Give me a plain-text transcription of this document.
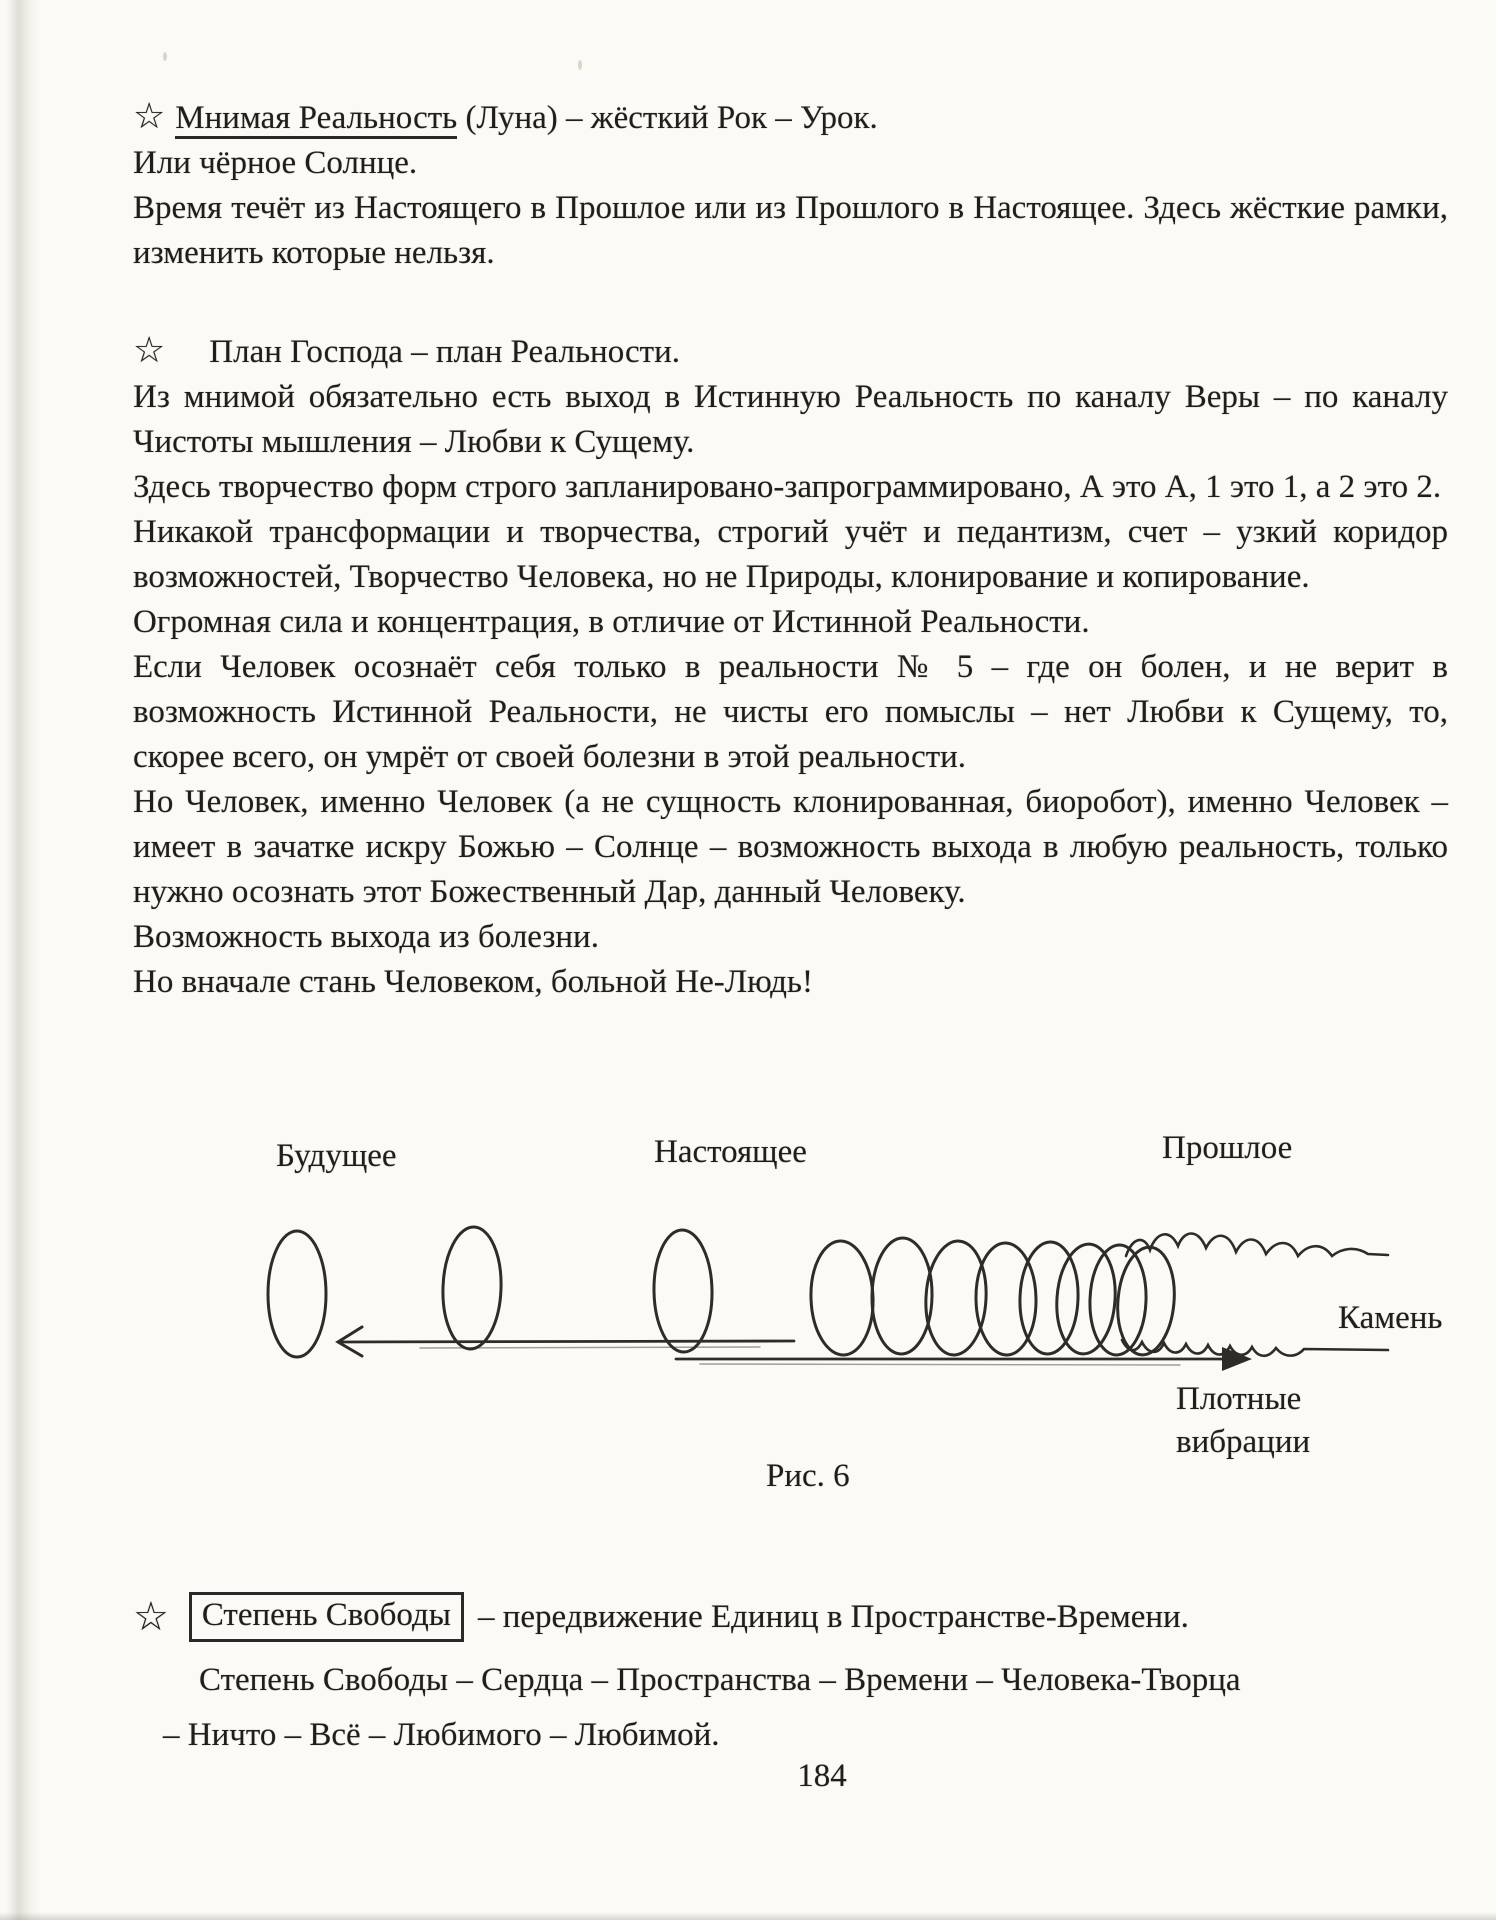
☆ Мнимая Реальность (Луна) – жёсткий Рок – Урок.

Или чёрное Солнце.

Время течёт из Настоящего в Прошлое или из Прошлого в Настоящее. Здесь жёсткие рамки, изменить которые нельзя.

☆ План Господа – план Реальности.

Из мнимой обязательно есть выход в Истинную Реальность по каналу Веры – по каналу Чистоты мышления – Любви к Сущему.

Здесь творчество форм строго запланировано-запрограммировано, А это А, 1 это 1, а 2 это 2.

Никакой трансформации и творчества, строгий учёт и педантизм, счет – узкий коридор возможностей, Творчество Человека, но не Природы, клонирование и копирование.

Огромная сила и концентрация, в отличие от Истинной Реальности.

Если Человек осознаёт себя только в реальности № 5 – где он болен, и не верит в возможность Истинной Реальности, не чисты его помыслы – нет Любви к Сущему, то, скорее всего, он умрёт от своей болезни в этой реальности.

Но Человек, именно Человек (а не сущность клонированная, биоробот), именно Человек – имеет в зачатке искру Божью – Солнце – возможность выхода в любую реальность, только нужно осознать этот Божественный Дар, данный Человеку.

Возможность выхода из болезни.

Но вначале стань Человеком, больной Не-Людь!

Будущее	Настоящее	Прошлое
Камень
Плотные
вибрации
Рис. 6
☆	Степень Свободы – передвижение Единиц в Пространстве-Времени.
Степень Свободы – Сердца – Пространства – Времени – Человека-Творца
– Ничто – Всё – Любимого – Любимой.
184
